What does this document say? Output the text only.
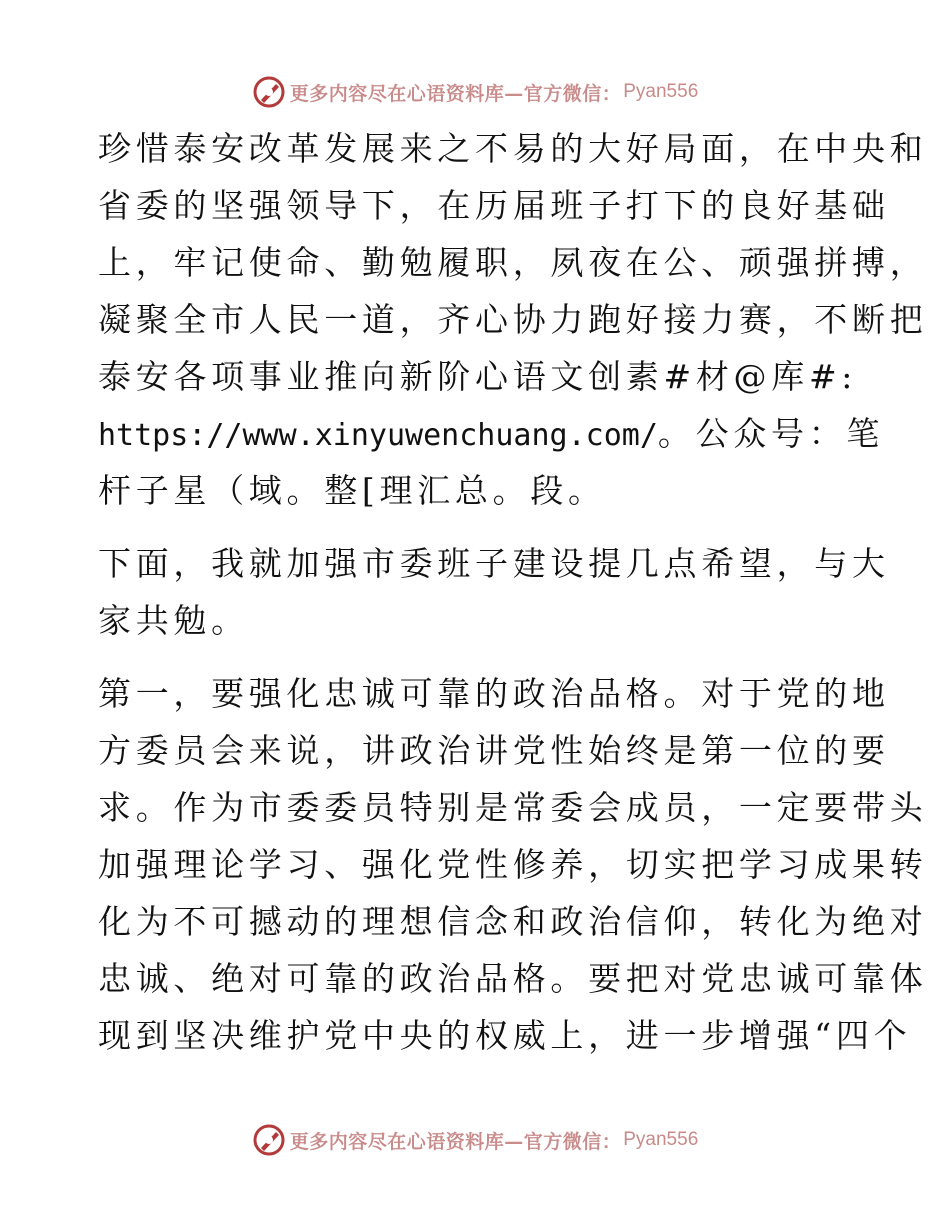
更多内容尽在心语资料库—官方微信： Pyan556
珍惜泰安改革发展来之不易的大好局面，在中央和
省委的坚强领导下，在历届班子打下的良好基础
上，牢记使命、勤勉履职，夙夜在公、顽强拼搏，
凝聚全市人民一道，齐心协力跑好接力赛，不断把
泰安各项事业推向新阶心语文创素#材@库#:
https://www.xinyuwenchuang.com/。公众号：笔
杆子星（域。整[理汇总。段。
下面，我就加强市委班子建设提几点希望，与大
家共勉。
第一，要强化忠诚可靠的政治品格。对于党的地
方委员会来说，讲政治讲党性始终是第一位的要
求。作为市委委员特别是常委会成员，一定要带头
加强理论学习、强化党性修养，切实把学习成果转
化为不可撼动的理想信念和政治信仰，转化为绝对
忠诚、绝对可靠的政治品格。要把对党忠诚可靠体
现到坚决维护党中央的权威上，进一步增强“四个
更多内容尽在心语资料库—官方微信： Pyan556
